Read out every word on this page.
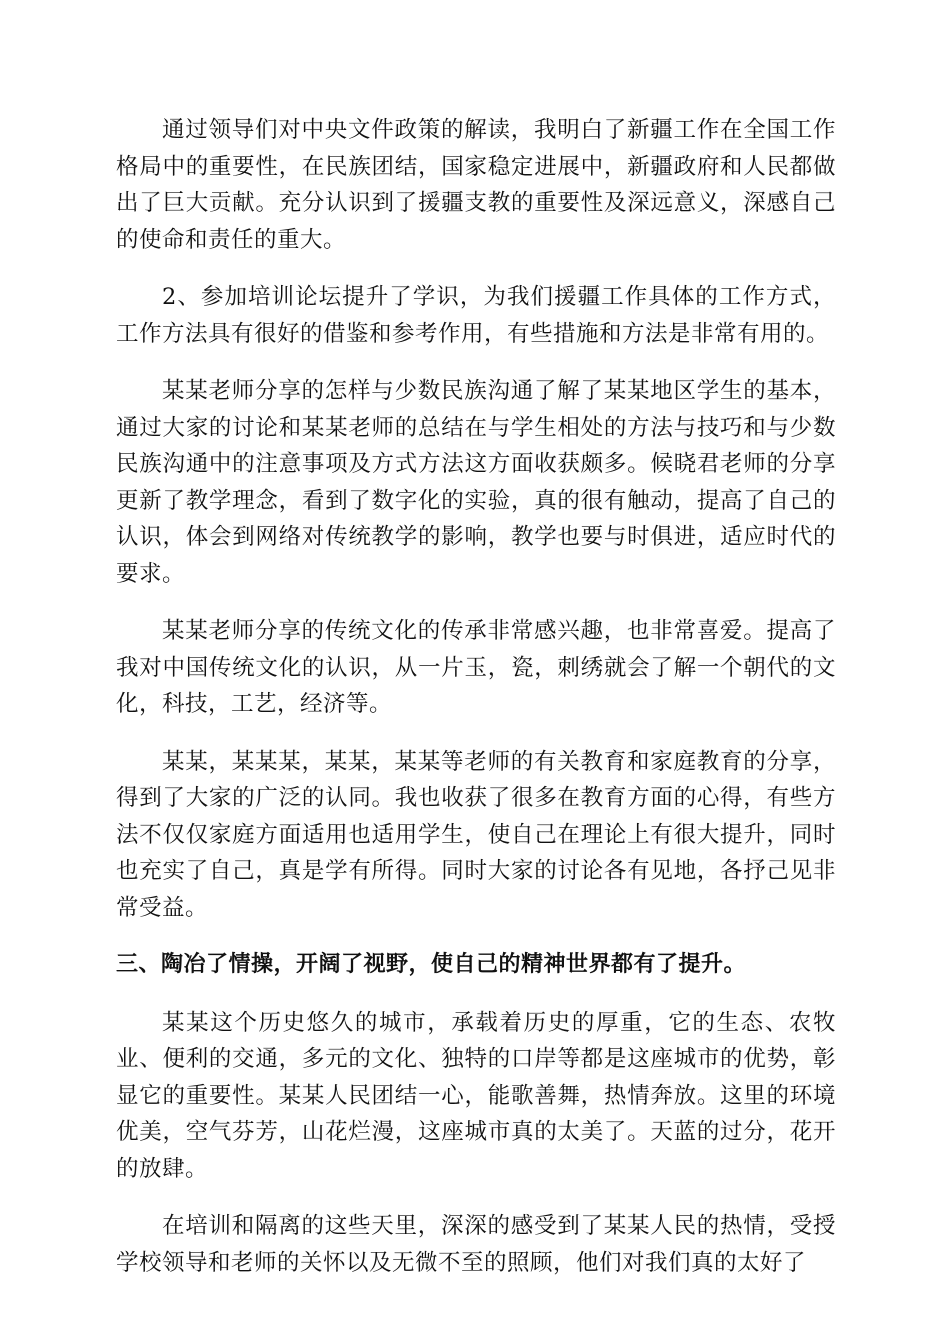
通过领导们对中央文件政策的解读，我明白了新疆工作在全国工作格局中的重要性，在民族团结，国家稳定进展中，新疆政府和人民都做出了巨大贡献。充分认识到了援疆支教的重要性及深远意义，深感自己的使命和责任的重大。

2、参加培训论坛提升了学识，为我们援疆工作具体的工作方式，工作方法具有很好的借鉴和参考作用，有些措施和方法是非常有用的。

某某老师分享的怎样与少数民族沟通了解了某某地区学生的基本，通过大家的讨论和某某老师的总结在与学生相处的方法与技巧和与少数民族沟通中的注意事项及方式方法这方面收获颇多。候晓君老师的分享更新了教学理念，看到了数字化的实验，真的很有触动，提高了自己的认识，体会到网络对传统教学的影响，教学也要与时俱进，适应时代的要求。

某某老师分享的传统文化的传承非常感兴趣，也非常喜爱。提高了我对中国传统文化的认识，从一片玉，瓷，刺绣就会了解一个朝代的文化，科技，工艺，经济等。

某某，某某某，某某，某某等老师的有关教育和家庭教育的分享，得到了大家的广泛的认同。我也收获了很多在教育方面的心得，有些方法不仅仅家庭方面适用也适用学生，使自己在理论上有很大提升，同时也充实了自己，真是学有所得。同时大家的讨论各有见地，各抒己见非常受益。

三、陶冶了情操，开阔了视野，使自己的精神世界都有了提升。

某某这个历史悠久的城市，承载着历史的厚重，它的生态、农牧业、便利的交通，多元的文化、独特的口岸等都是这座城市的优势，彰显它的重要性。某某人民团结一心，能歌善舞，热情奔放。这里的环境优美，空气芬芳，山花烂漫，这座城市真的太美了。天蓝的过分，花开的放肆。

在培训和隔离的这些天里，深深的感受到了某某人民的热情，受授学校领导和老师的关怀以及无微不至的照顾，他们对我们真的太好了
